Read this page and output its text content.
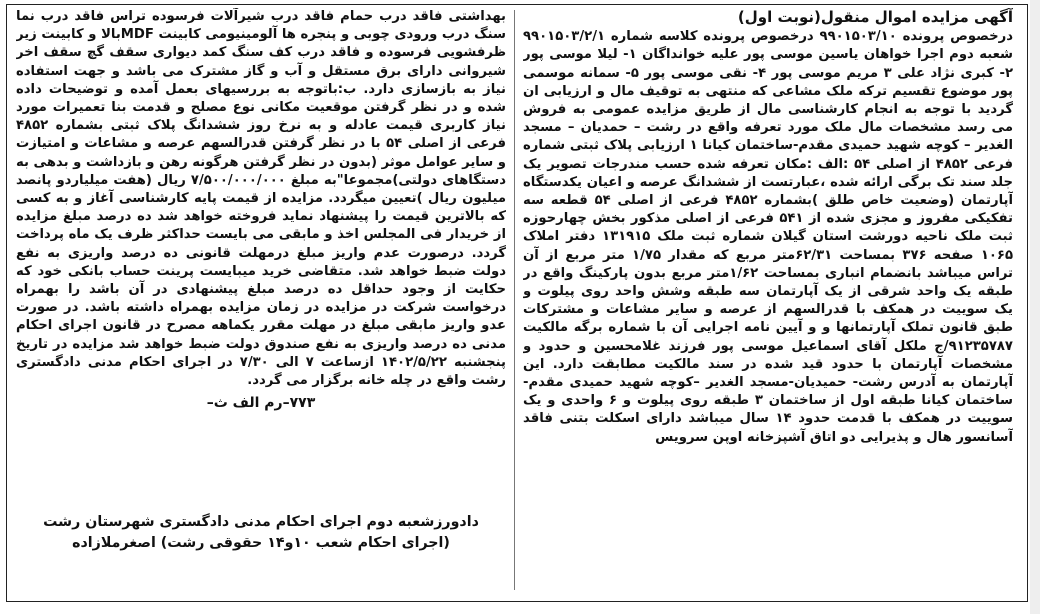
آگهی مزایده اموال منقول(نوبت اول)

درخصوص پرونده ۹۹۰۱۵۰۳/۱۰ درخصوص پرونده کلاسه شماره ۹۹۰۱۵۰۳/۲/۱ شعبه دوم اجرا خواهان یاسین موسی پور علیه خوانداگان ۱- لیلا موسی پور ۲- کبری نژاد علی ۳ مریم موسی پور ۴- نقی موسی پور ۵- سمانه موسمی پور موضوع تقسیم ترکه ملک مشاعی که منتهی به توقیف مال و ارزیابی ان گردید با توجه به انجام کارشناسی مال از طریق مزایده عمومی به فروش می رسد مشخصات مال ملک مورد تعرفه واقع در رشت – حمدیان – مسجد الغدیر – کوچه شهید حمیدی مقدم-ساختمان کیانا ۱ ارزیابی پلاک ثبتی شماره فرعی ۴۸۵۲ از اصلی ۵۴ :الف :مکان تعرفه شده حسب مندرجات تصویر یک جلد سند تک برگی ارائه شده ،عبارتست از ششدانگ عرصه و اعیان یکدستگاه آپارتمان (وضعیت خاص طلق )بشماره ۴۸۵۲ فرعی از اصلی ۵۴ قطعه سه تفکیکی مفروز و مجزی شده از ۵۴۱ فرعی از اصلی مذکور بخش چهارحوزه ثبت ملک ناحیه دورشت استان گیلان شماره ثبت ملک ۱۳۱۹۱۵ دفتر املاک ۱۰۶۵ صفحه ۳۷۶ بمساحت ۶۲/۳۱متر مربع که مقدار ۱/۷۵ متر مربع از آن تراس میباشد بانضمام انباری بمساحت ۱/۶۲متر مربع بدون پارکینگ واقع در طبقه یک واحد شرقی از یک آپارتمان سه طبقه وشش واحد روی پیلوت و یک سوییت در همکف با قدرالسهم از عرصه و سایر مشاعات و مشترکات طبق قانون تملک آپارتمانها و و آیین نامه اجرایی آن با شماره برگه مالکیت ۹۱۲۳۵۷۸۷/ج ملکل آقای اسماعیل موسی پور فرزند غلامحسین و حدود و مشخصات آپارتمان با حدود قید شده در سند مالکیت مطابقت دارد. این آپارتمان به آدرس رشت- حمیدیان-مسجد الغدیر –کوچه شهید حمیدی مقدم- ساختمان کیانا طبقه اول از ساختمان ۳ طبقه روی پیلوت و ۶ واحدی و یک سوییت در همکف با قدمت حدود ۱۴ سال میباشد دارای اسکلت بتنی فاقد آسانسور هال و پذیرایی دو اتاق آشپزخانه اوپن سرویس

بهداشتی فاقد درب حمام فاقد درب شیرآلات فرسوده تراس فاقد درب نما سنگ درب ورودی چوبی و پنجره ها آلومینیومی کابینت MDFبالا و کابینت زیر ظرفشویی فرسوده و فاقد درب کف سنگ کمد دیواری سقف گچ سقف اخر شیروانی دارای برق مستقل و آب و گاز مشترک می باشد و جهت استفاده نیاز به بازسازی دارد. ب:باتوجه به بررسیهای بعمل آمده و توضیحات داده شده و در نظر گرفتن موقعیت مکانی نوع مصلح و قدمت بنا تعمیرات مورد نیاز کاربری قیمت عادله و به نرخ روز ششدانگ پلاک ثبتی بشماره ۴۸۵۲ فرعی از اصلی ۵۴ با در نظر گرفتن قدرالسهم عرصه و مشاعات و امتیازت و سایر عوامل موثر (بدون در نظر گرفتن هرگونه رهن و بازداشت و بدهی به دستگاهای دولتی)مجموعا"به مبلغ ۷/۵۰۰/۰۰۰/۰۰۰ ریال (هفت میلیاردو پانصد میلیون ریال )تعیین میگردد. مزایده از قیمت پایه کارشناسی آغاز و به کسی که بالاترین قیمت را پیشنهاد نماید فروخته خواهد شد ده درصد مبلغ مزایده از خریدار فی المجلس اخذ و مابقی می بایست حداکثر ظرف یک ماه پرداخت گردد. درصورت عدم واریز مبلغ درمهلت قانونی ده درصد واریزی به نفع دولت ضبط خواهد شد. متقاضی خرید میبایست پرینت حساب بانکی خود که حکایت از وجود حداقل ده درصد مبلغ پیشنهادی در آن باشد را بهمراه درخواست شرکت در مزایده در زمان مزایده بهمراه داشته باشد. در صورت عدو واریز مابقی مبلغ در مهلت مقرر یکماهه مصرح در قانون اجرای احکام مدنی ده درصد واریزی به نفع صندوق دولت ضبط خواهد شد مزایده در تاریخ پنجشنبه ۱۴۰۲/۵/۲۲ ازساعت ۷ الی ۷/۳۰ در اجرای احکام مدنی دادگستری رشت واقع در چله خانه برگزار می گردد.

۷۷۳–رم الف ث–

دادورزشعبه دوم اجرای احکام مدنی دادگستری شهرستان رشت
(اجرای احکام شعب ۱۰و۱۴ حقوقی رشت) اصغرملازاده
